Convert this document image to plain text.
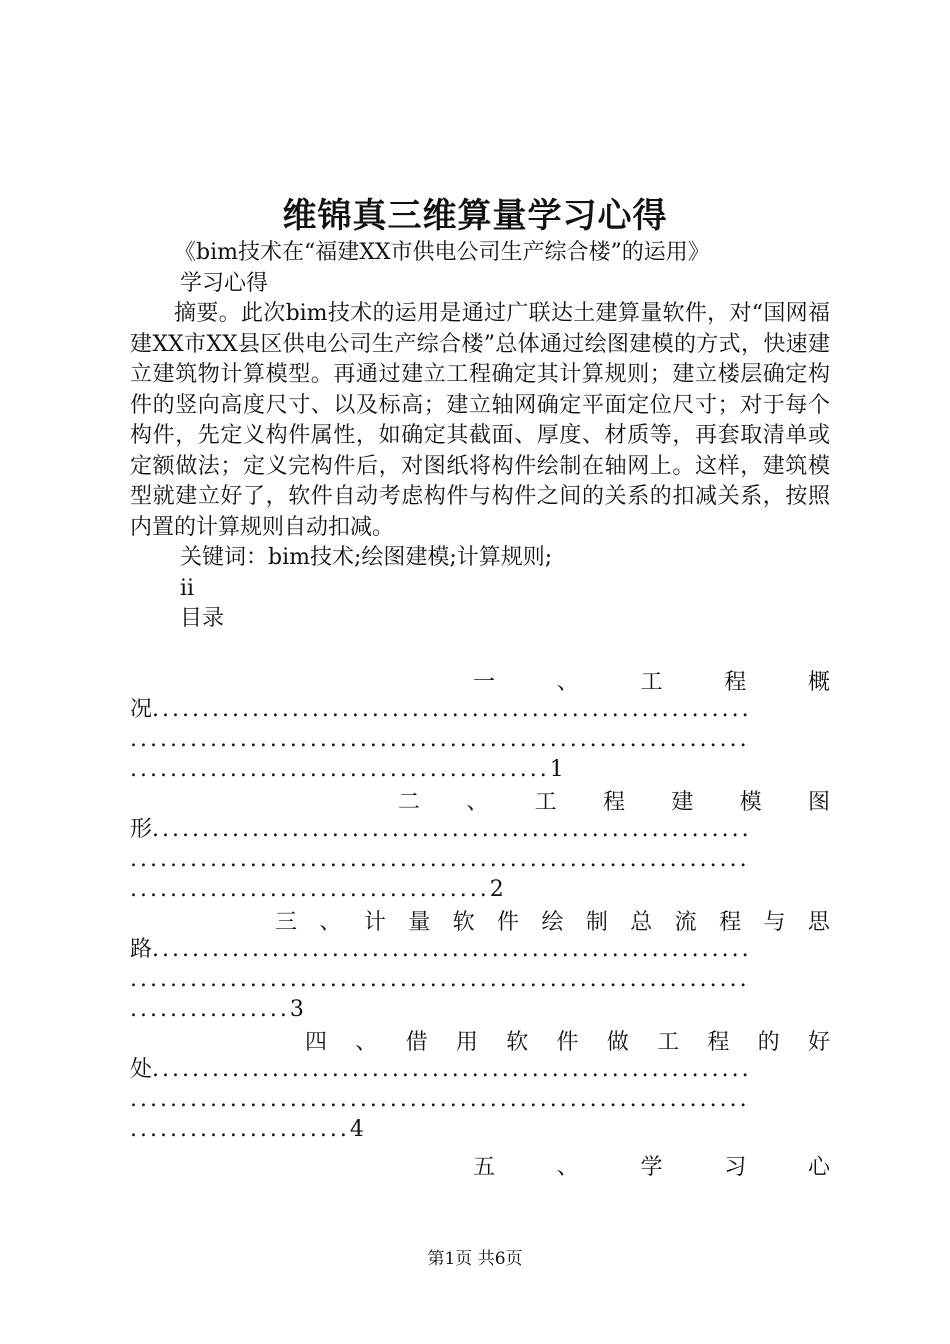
维锦真三维算量学习心得

《bim技术在“福建XX市供电公司生产综合楼”的运用》

学习心得

摘要。此次bim技术的运用是通过广联达土建算量软件，对“国网福建XX市XX县区供电公司生产综合楼”总体通过绘图建模的方式，快速建立建筑物计算模型。再通过建立工程确定其计算规则；建立楼层确定构件的竖向高度尺寸、以及标高；建立轴网确定平面定位尺寸；对于每个构件，先定义构件属性，如确定其截面、厚度、材质等，再套取清单或定额做法；定义完构件后，对图纸将构件绘制在轴网上。这样，建筑模型就建立好了，软件自动考虑构件与构件之间的关系的扣减关系，按照内置的计算规则自动扣减。

关键词：bim技术;绘图建模;计算规则;

ii

目录

一	、	工	程	概
况............................................................
..............................................................
..........................................1
二 、 工 程 建 模 图
形............................................................
..............................................................
....................................2
三 、 计 量 软 件 绘 制 总 流 程 与 思
路............................................................
..............................................................
................3
四 、 借 用 软 件 做 工 程 的 好
处............................................................
..............................................................
......................4
五	、	学	习	心
第1页 共6页
